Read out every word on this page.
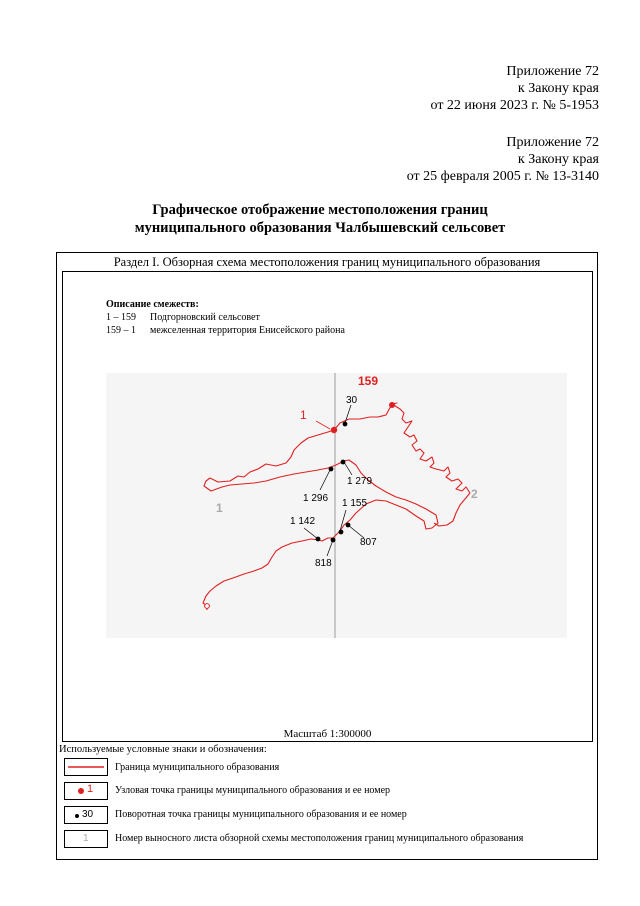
Приложение 72
к Закону края
от 22 июня 2023 г. № 5-1953
Приложение 72
к Закону края
от 25 февраля 2005 г. № 13-3140
Графическое отображение местоположения границ
муниципального образования Чалбышевский сельсовет
Раздел I. Обзорная схема местоположения границ муниципального образования
Описание смежеств:
1 – 159 Подгорновский сельсовет
159 – 1 межселенная территория Енисейского района
159
1
30
1 279
1 296 1 155
1 142
807
818
1
2
Масштаб 1:300000
Используемые условные знаки и обозначения:
Граница муниципального образования
1 Узловая точка границы муниципального образования и ее номер
30 Поворотная точка границы муниципального образования и ее номер
1	Номер выносного листа обзорной схемы местоположения границ муниципального образования
